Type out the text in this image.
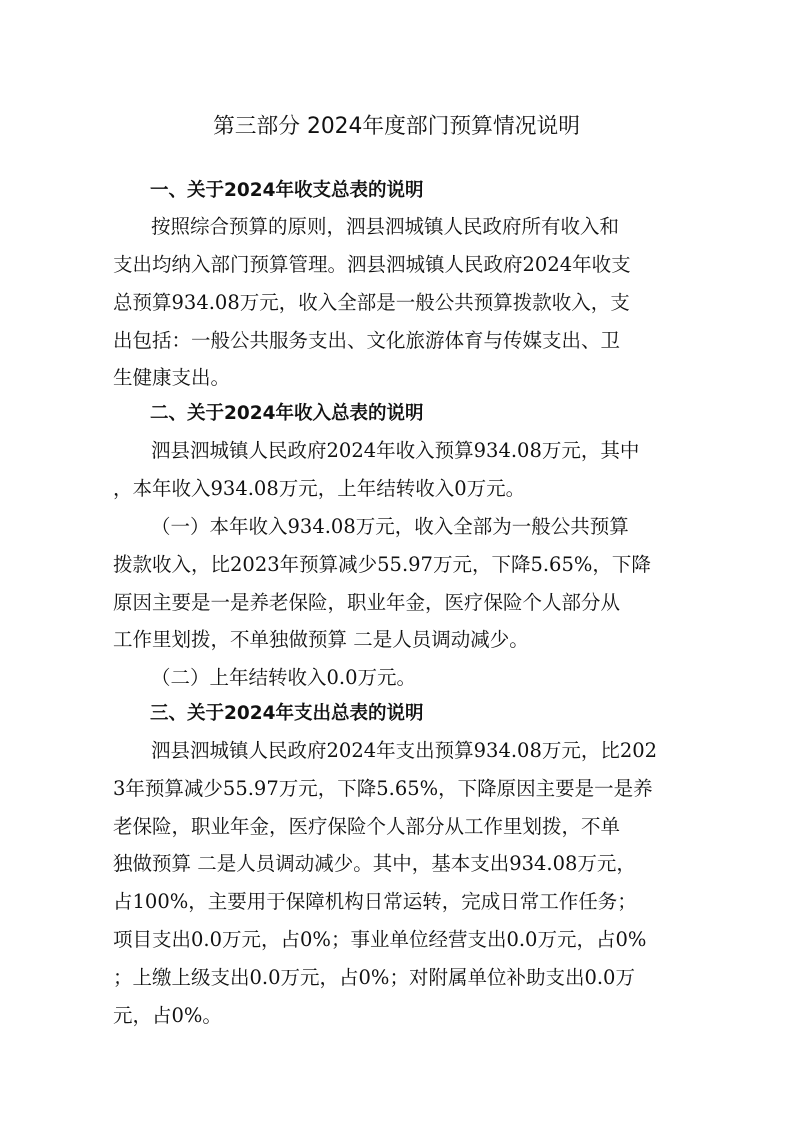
第三部分 2024年度部门预算情况说明
一、关于2024年收支总表的说明
按照综合预算的原则，泗县泗城镇人民政府所有收入和
支出均纳入部门预算管理。泗县泗城镇人民政府2024年收支
总预算934.08万元，收入全部是一般公共预算拨款收入，支
出包括：一般公共服务支出、文化旅游体育与传媒支出、卫
生健康支出。
二、关于2024年收入总表的说明
泗县泗城镇人民政府2024年收入预算934.08万元，其中
，本年收入934.08万元，上年结转收入0万元。
（一）本年收入934.08万元，收入全部为一般公共预算
拨款收入，比2023年预算减少55.97万元，下降5.65%，下降
原因主要是一是养老保险，职业年金，医疗保险个人部分从
工作里划拨，不单独做预算 二是人员调动减少。
（二）上年结转收入0.0万元。
三、关于2024年支出总表的说明
泗县泗城镇人民政府2024年支出预算934.08万元，比202
3年预算减少55.97万元，下降5.65%，下降原因主要是一是养
老保险，职业年金，医疗保险个人部分从工作里划拨，不单
独做预算 二是人员调动减少。其中，基本支出934.08万元，
占100%，主要用于保障机构日常运转，完成日常工作任务；
项目支出0.0万元，占0%；事业单位经营支出0.0万元，占0%
；上缴上级支出0.0万元，占0%；对附属单位补助支出0.0万
元，占0%。
